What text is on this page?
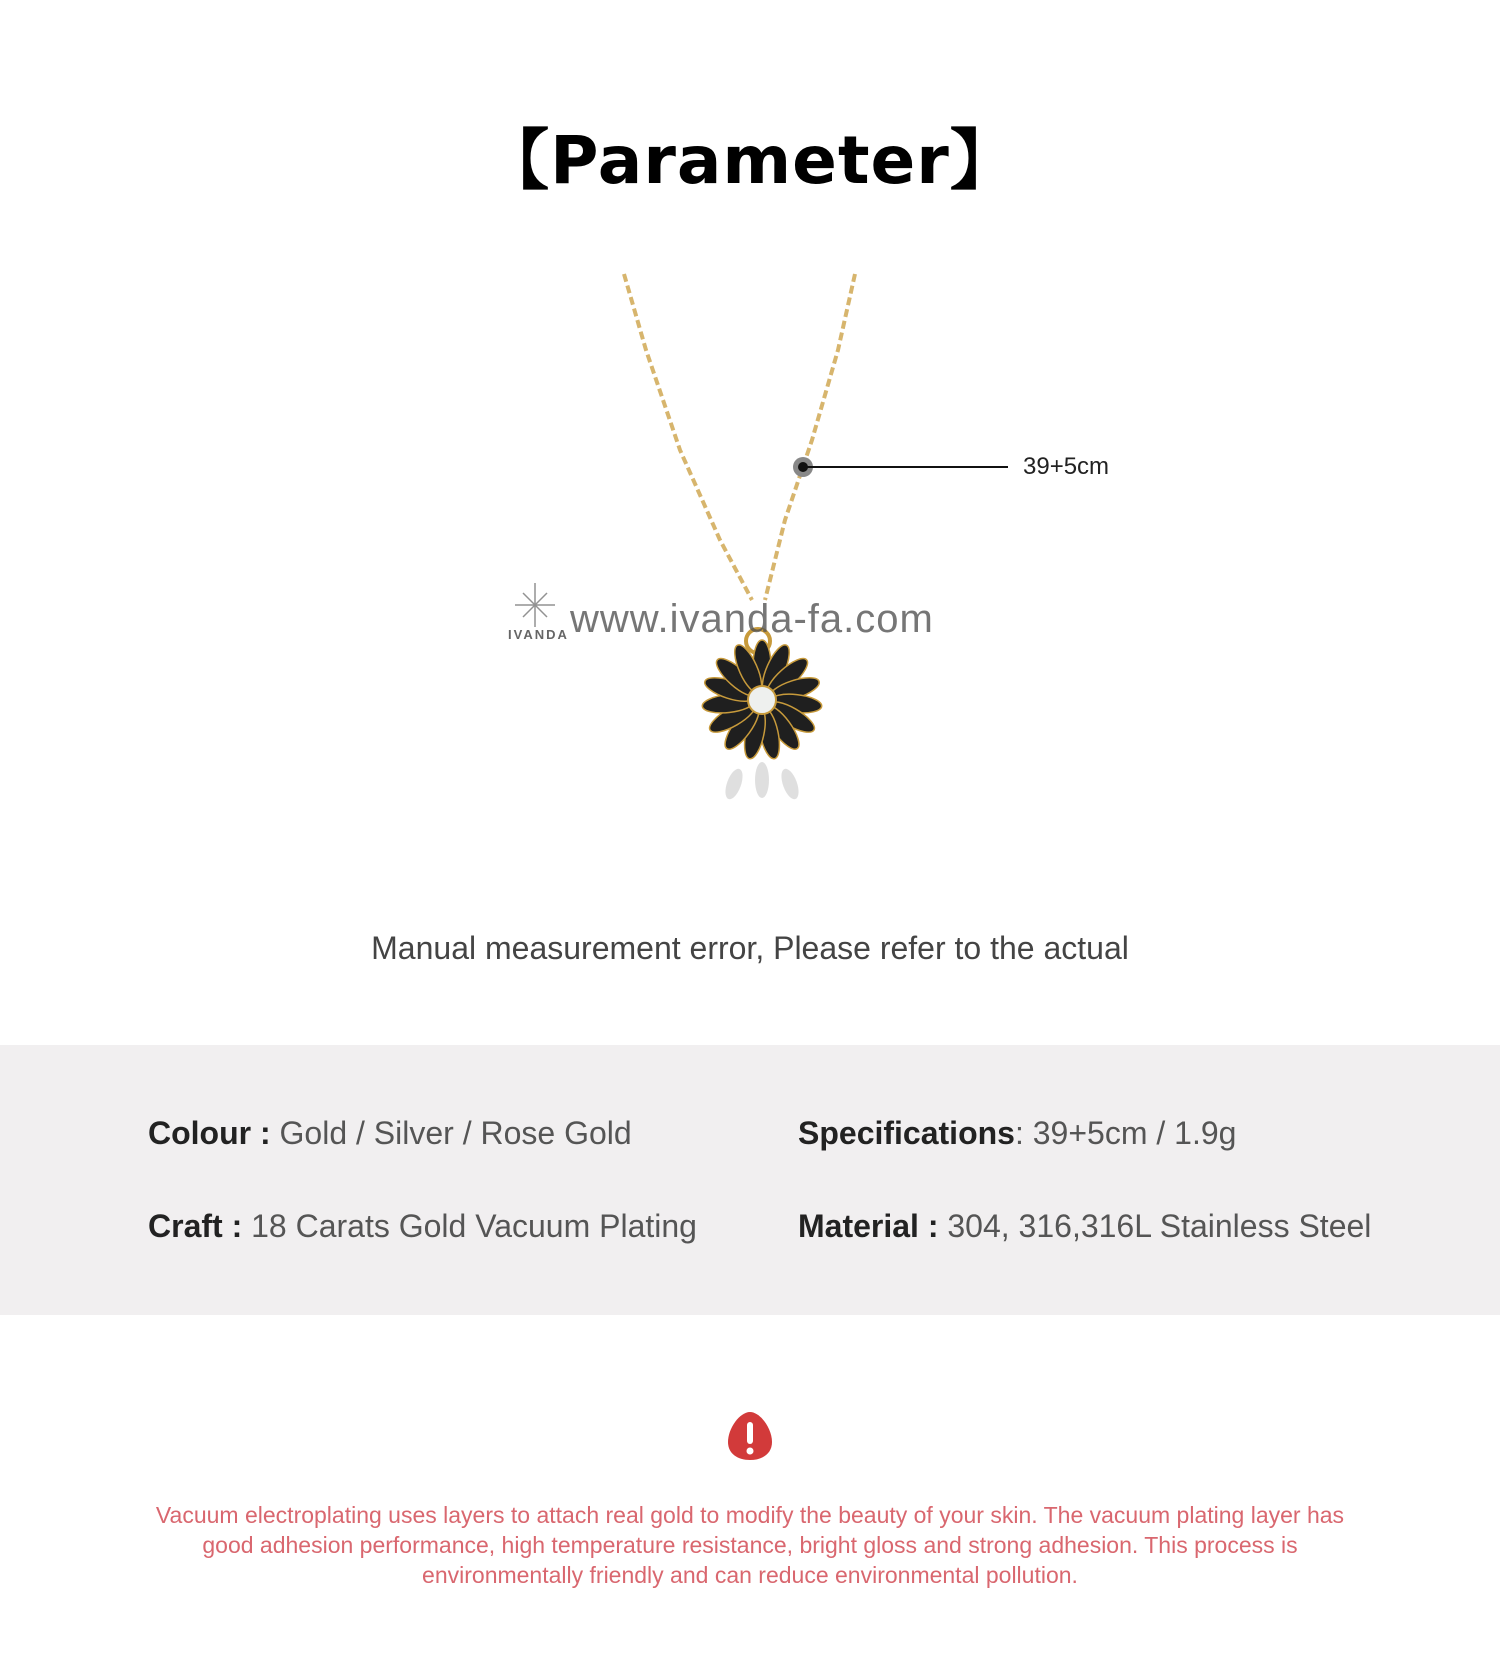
【Parameter】
39+5cm
www.ivanda-fa.com
IVANDA
Manual measurement error, Please refer to the actual
Colour : Gold / Silver / Rose Gold	Specifications: 39+5cm / 1.9g
Craft : 18 Carats Gold Vacuum Plating	Material : 304, 316,316L Stainless Steel
Vacuum electroplating uses layers to attach real gold to modify the beauty of your skin. The vacuum plating layer has good adhesion performance, high temperature resistance, bright gloss and strong adhesion. This process is environmentally friendly and can reduce environmental pollution.
